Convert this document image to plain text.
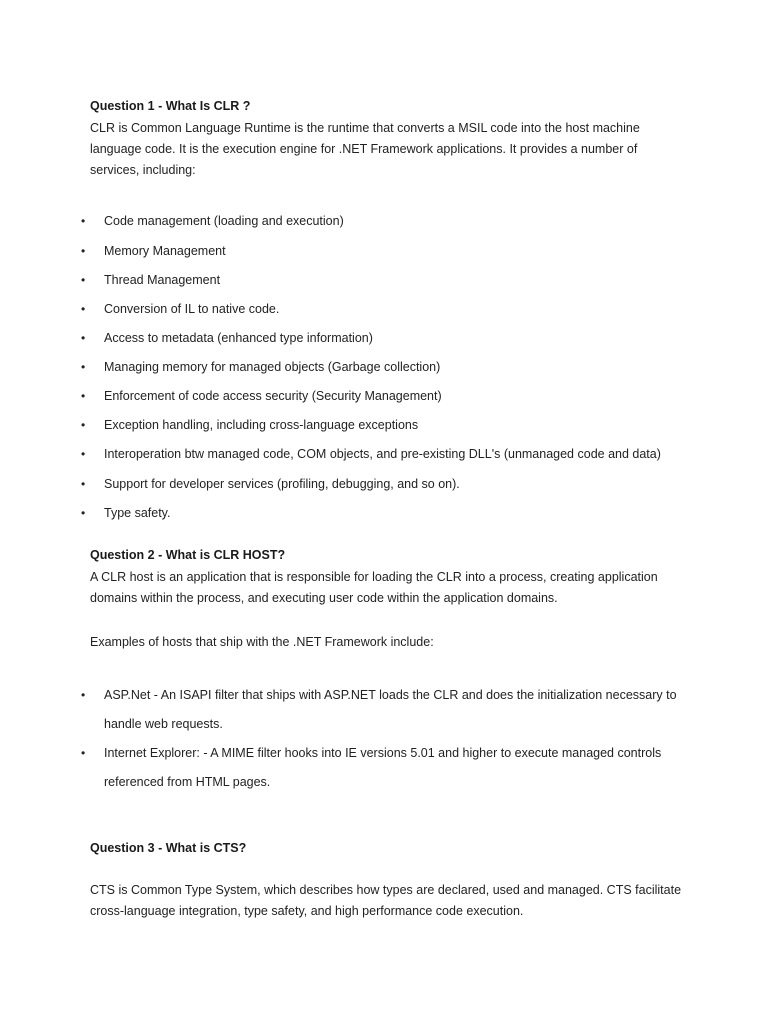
Question 1 - What Is CLR ?
CLR is Common Language Runtime is the runtime that converts a MSIL code into the host machine
language code. It is the execution engine for .NET Framework applications. It provides a number of
services, including:
• Code management (loading and execution)
• Memory Management
• Thread Management
• Conversion of IL to native code.
• Access to metadata (enhanced type information)
• Managing memory for managed objects (Garbage collection)
• Enforcement of code access security (Security Management)
• Exception handling, including cross-language exceptions
• Interoperation btw managed code, COM objects, and pre-existing DLL's (unmanaged code and data)
• Support for developer services (profiling, debugging, and so on).
• Type safety.
Question 2 - What is CLR HOST?
A CLR host is an application that is responsible for loading the CLR into a process, creating application
domains within the process, and executing user code within the application domains.
Examples of hosts that ship with the .NET Framework include:
• ASP.Net - An ISAPI filter that ships with ASP.NET loads the CLR and does the initialization necessary to
handle web requests.
• Internet Explorer: - A MIME filter hooks into IE versions 5.01 and higher to execute managed controls
referenced from HTML pages.
Question 3 - What is CTS?
CTS is Common Type System, which describes how types are declared, used and managed. CTS facilitate
cross-language integration, type safety, and high performance code execution.
